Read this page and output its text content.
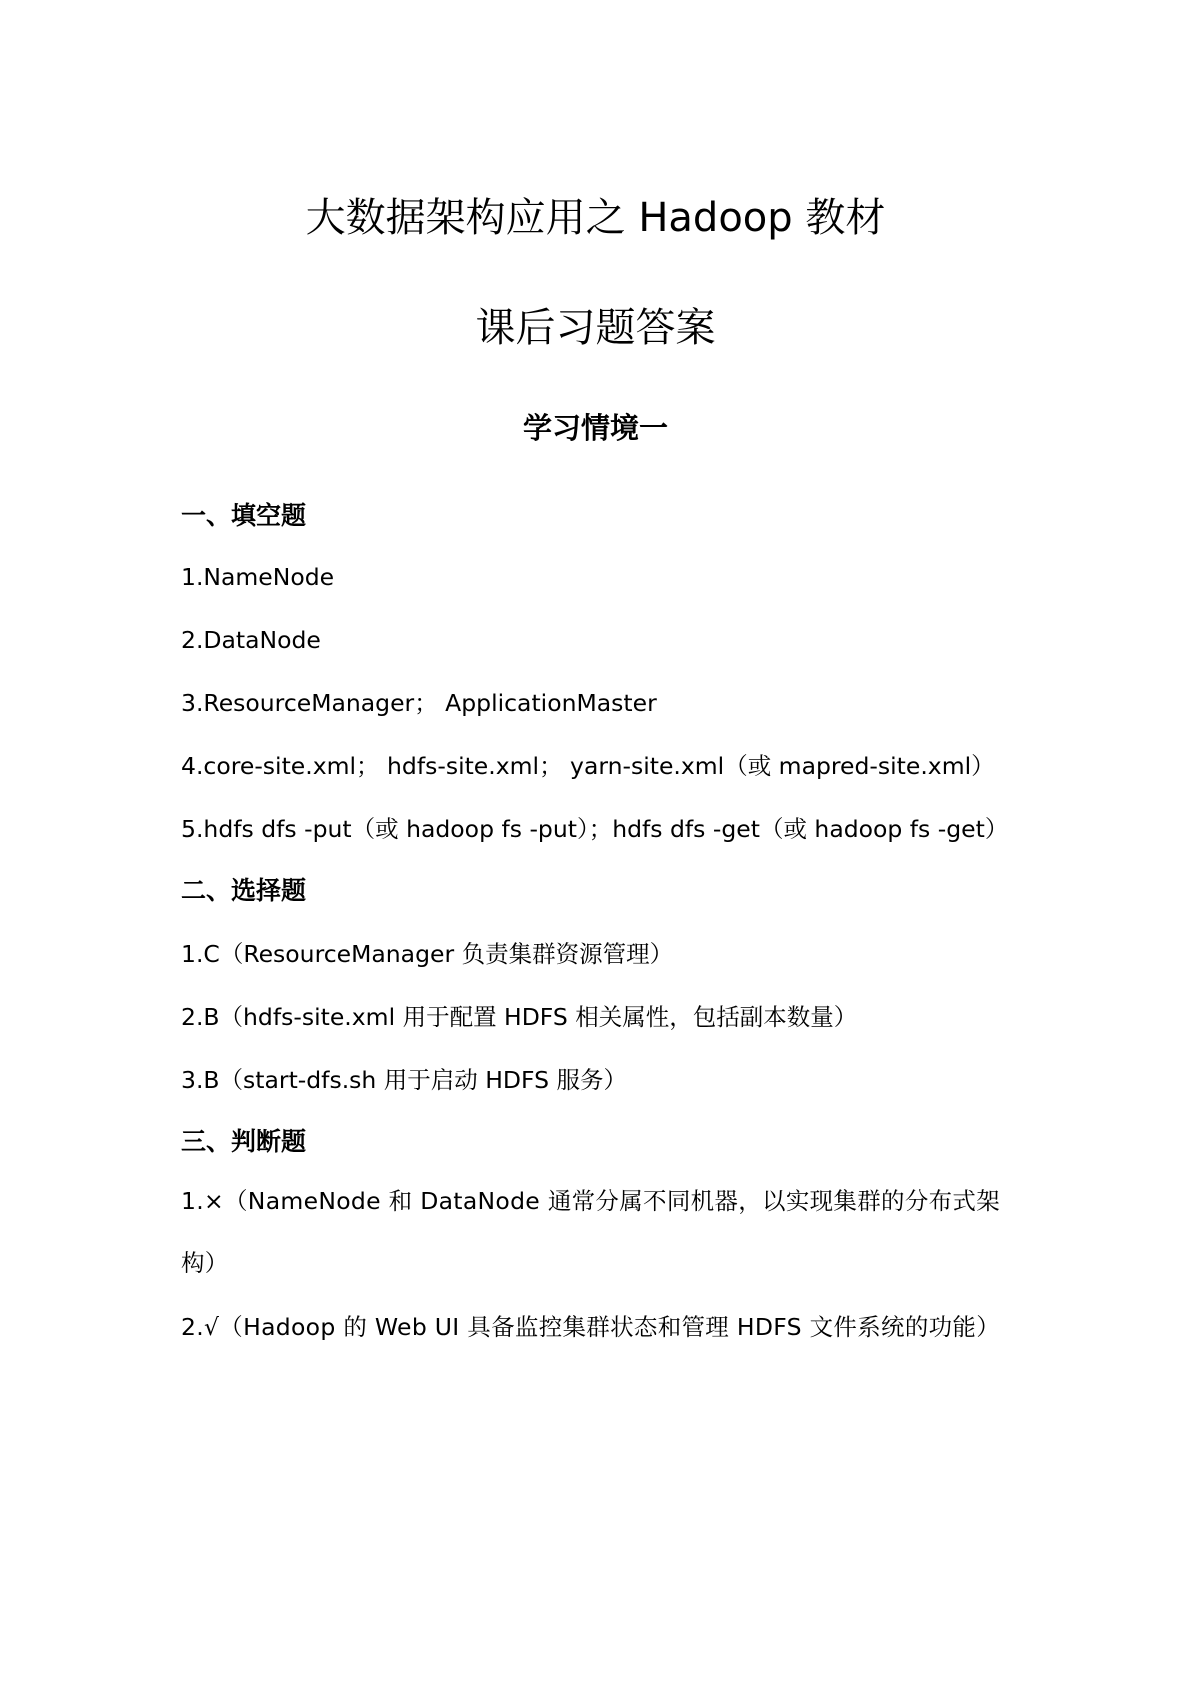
大数据架构应用之 Hadoop 教材
课后习题答案
学习情境一
一、填空题
1.NameNode
2.DataNode
3.ResourceManager； ApplicationMaster
4.core-site.xml； hdfs-site.xml； yarn-site.xml（或 mapred-site.xml）
5.hdfs dfs -put（或 hadoop fs -put）；hdfs dfs -get（或 hadoop fs -get）
二、选择题
1.C（ResourceManager 负责集群资源管理）
2.B（hdfs-site.xml 用于配置 HDFS 相关属性，包括副本数量）
3.B（start-dfs.sh 用于启动 HDFS 服务）
三、判断题
1.×（NameNode 和 DataNode 通常分属不同机器，以实现集群的分布式架构）
2.√（Hadoop 的 Web UI 具备监控集群状态和管理 HDFS 文件系统的功能）
